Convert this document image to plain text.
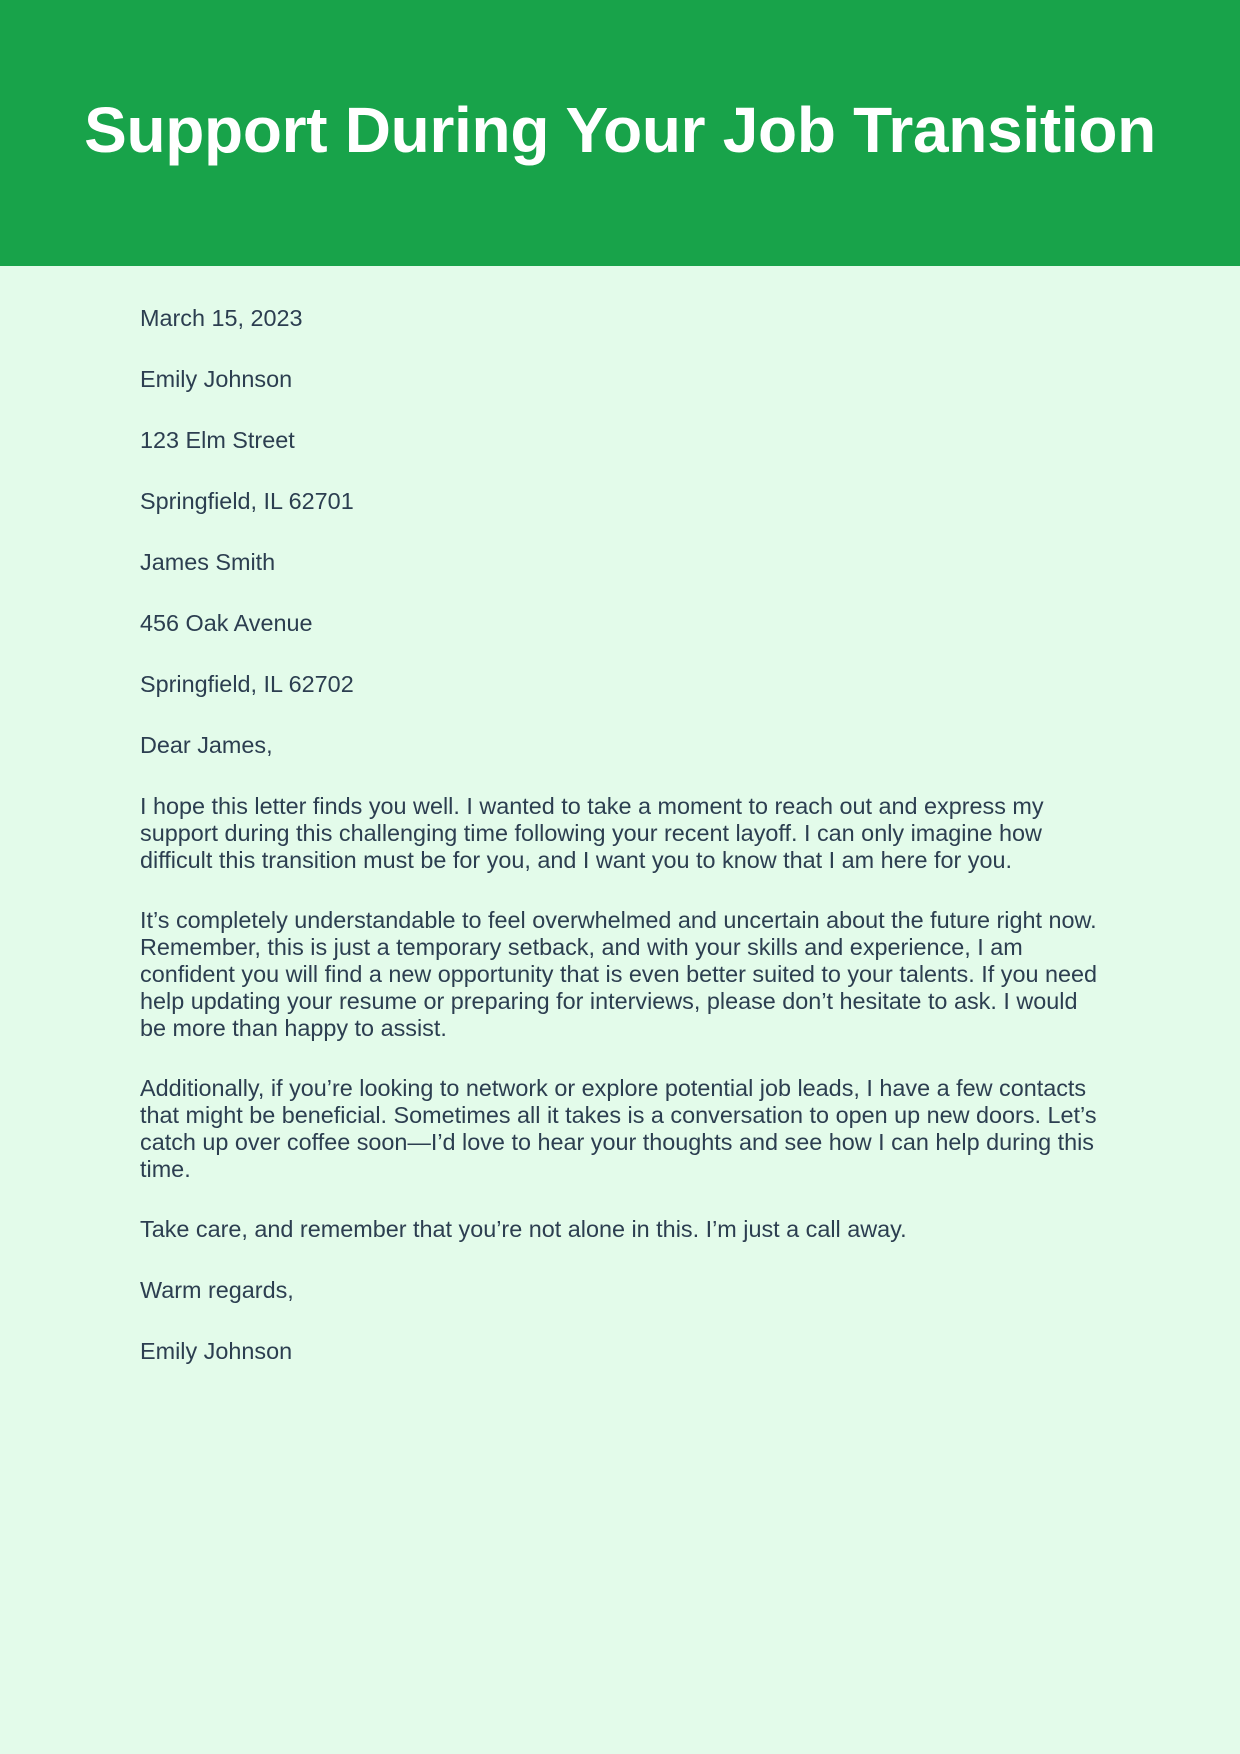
Support During Your Job Transition

March 15, 2023

Emily Johnson

123 Elm Street

Springfield, IL 62701

James Smith

456 Oak Avenue

Springfield, IL 62702

Dear James,

I hope this letter finds you well. I wanted to take a moment to reach out and express my support during this challenging time following your recent layoff. I can only imagine how difficult this transition must be for you, and I want you to know that I am here for you.

It’s completely understandable to feel overwhelmed and uncertain about the future right now. Remember, this is just a temporary setback, and with your skills and experience, I am confident you will find a new opportunity that is even better suited to your talents. If you need help updating your resume or preparing for interviews, please don’t hesitate to ask. I would be more than happy to assist.

Additionally, if you’re looking to network or explore potential job leads, I have a few contacts that might be beneficial. Sometimes all it takes is a conversation to open up new doors. Let’s catch up over coffee soon—I’d love to hear your thoughts and see how I can help during this time.

Take care, and remember that you’re not alone in this. I’m just a call away.

Warm regards,

Emily Johnson
